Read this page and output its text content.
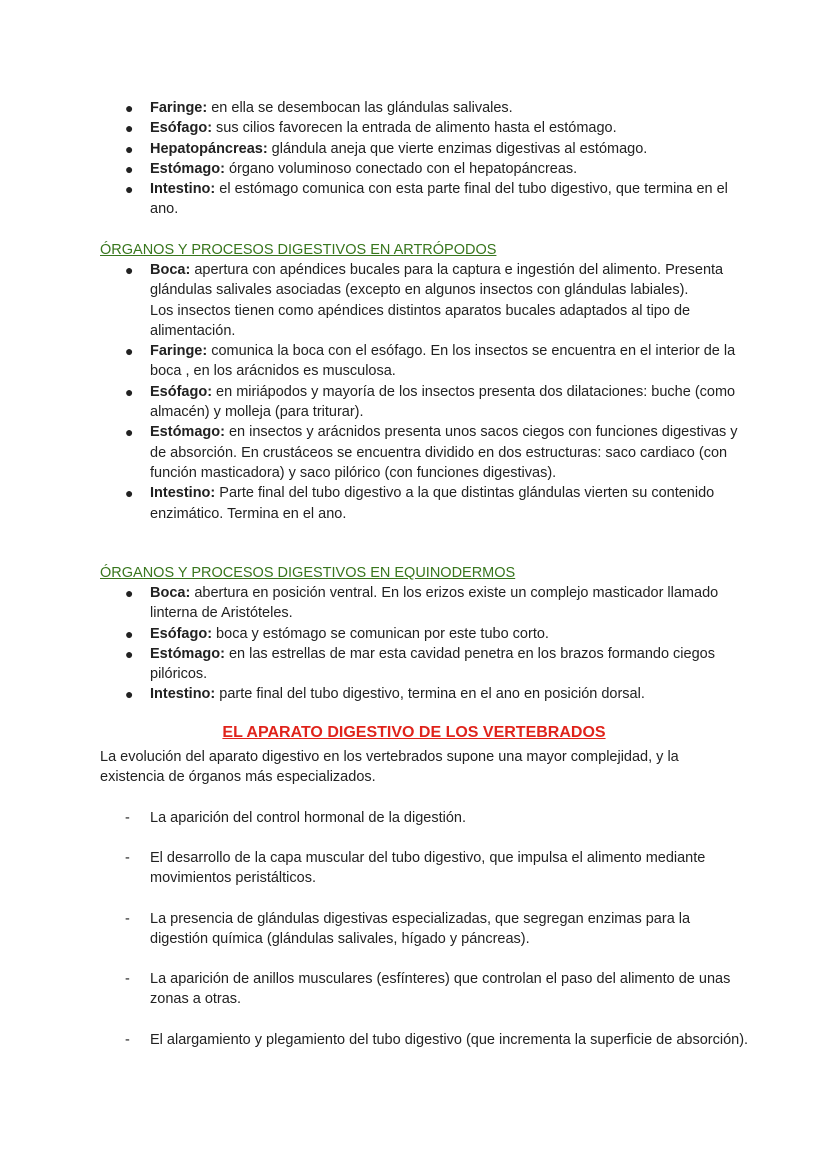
● Faringe: en ella se desembocan las glándulas salivales.
● Esófago: sus cilios favorecen la entrada de alimento hasta el estómago.
● Hepatopáncreas: glándula aneja que vierte enzimas digestivas al estómago.
● Estómago: órgano voluminoso conectado con el hepatopáncreas.
● Intestino: el estómago comunica con esta parte final del tubo digestivo, que termina en el ano.

ÓRGANOS Y PROCESOS DIGESTIVOS EN ARTRÓPODOS

● Boca: apertura con apéndices bucales para la captura e ingestión del alimento. Presenta glándulas salivales asociadas (excepto en algunos insectos con glándulas labiales).
Los insectos tienen como apéndices distintos aparatos bucales adaptados al tipo de alimentación.
● Faringe: comunica la boca con el esófago. En los insectos se encuentra en el interior de la boca , en los arácnidos es musculosa.
● Esófago: en miriápodos y mayoría de los insectos presenta dos dilataciones: buche (como almacén) y molleja (para triturar).
● Estómago: en insectos y arácnidos presenta unos sacos ciegos con funciones digestivas y de absorción. En crustáceos se encuentra dividido en dos estructuras: saco cardiaco (con función masticadora) y saco pilórico (con funciones digestivas).
● Intestino: Parte final del tubo digestivo a la que distintas glándulas vierten su contenido enzimático. Termina en el ano.

ÓRGANOS Y PROCESOS DIGESTIVOS EN EQUINODERMOS

● Boca: abertura en posición ventral. En los erizos existe un complejo masticador llamado linterna de Aristóteles.
● Esófago: boca y estómago se comunican por este tubo corto.
● Estómago: en las estrellas de mar esta cavidad penetra en los brazos formando ciegos pilóricos.
● Intestino: parte final del tubo digestivo, termina en el ano en posición dorsal.

EL APARATO DIGESTIVO DE LOS VERTEBRADOS

La evolución del aparato digestivo en los vertebrados supone una mayor complejidad, y la existencia de órganos más especializados.

- La aparición del control hormonal de la digestión.
- El desarrollo de la capa muscular del tubo digestivo, que impulsa el alimento mediante movimientos peristálticos.
- La presencia de glándulas digestivas especializadas, que segregan enzimas para la digestión química (glándulas salivales, hígado y páncreas).
- La aparición de anillos musculares (esfínteres) que controlan el paso del alimento de unas zonas a otras.
- El alargamiento y plegamiento del tubo digestivo (que incrementa la superficie de absorción).
